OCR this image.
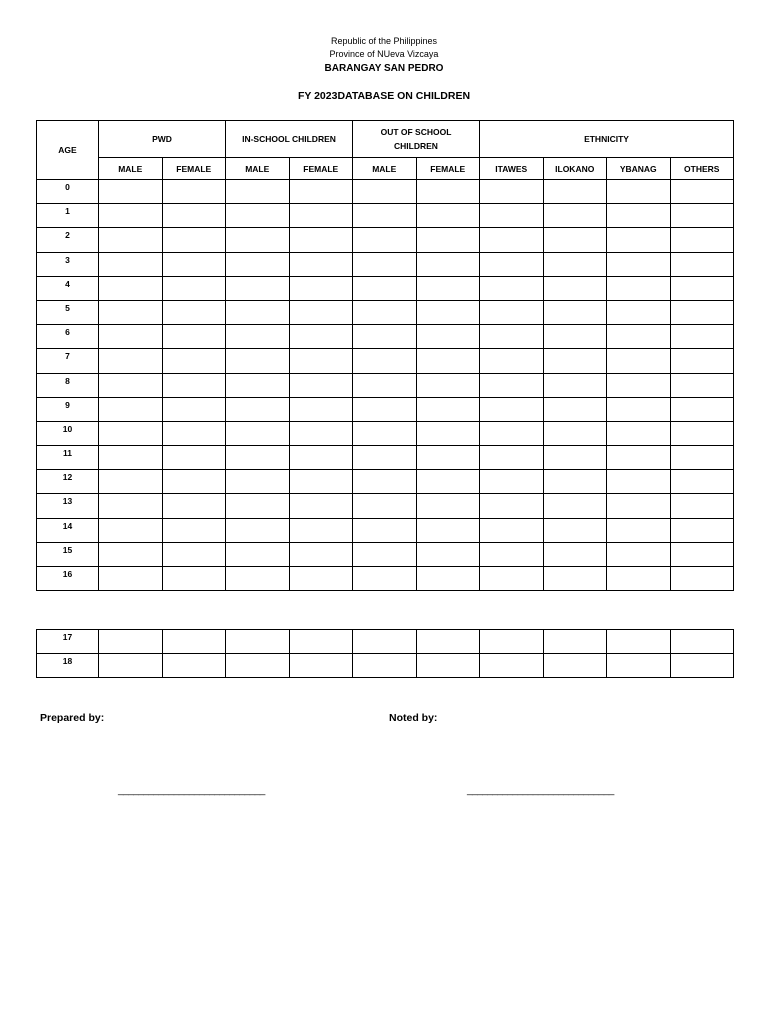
Republic of the Philippines
Province of NUeva Vizcaya
BARANGAY SAN PEDRO
FY 2023DATABASE ON CHILDREN
AGE	PWD		IN-SCHOOL CHILDREN		OUT OF SCHOOL CHILDREN		ETHNICITY			
	MALE	FEMALE	MALE	FEMALE	MALE	FEMALE	ITAWES	ILOKANO	YBANAG	OTHERS
0										
1										
2										
3										
4										
5										
6										
7										
8										
9										
10										
11										
12										
13										
14										
15										
16										
17										
18										
Prepared by:	Noted by:
_____________________________	_____________________________
